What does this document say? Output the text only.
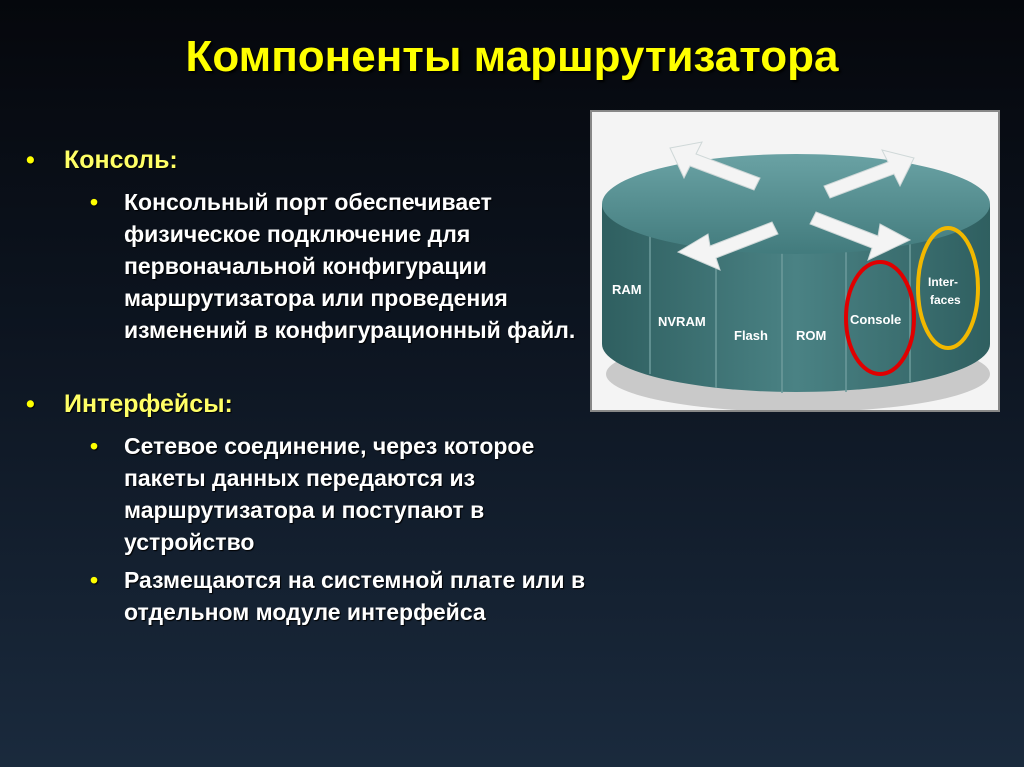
Компоненты маршрутизатора
• Консоль:
• Консольный порт обеспечивает физическое подключение для первоначальной конфигурации маршрутизатора или проведения изменений в конфигурационный файл.
• Интерфейсы:
• Сетевое соединение, через которое пакеты данных передаются из маршрутизатора и поступают в устройство
• Размещаются на системной плате или в отдельном модуле интерфейса
RAM
NVRAM
Flash ROM
Console
Inter-
faces
